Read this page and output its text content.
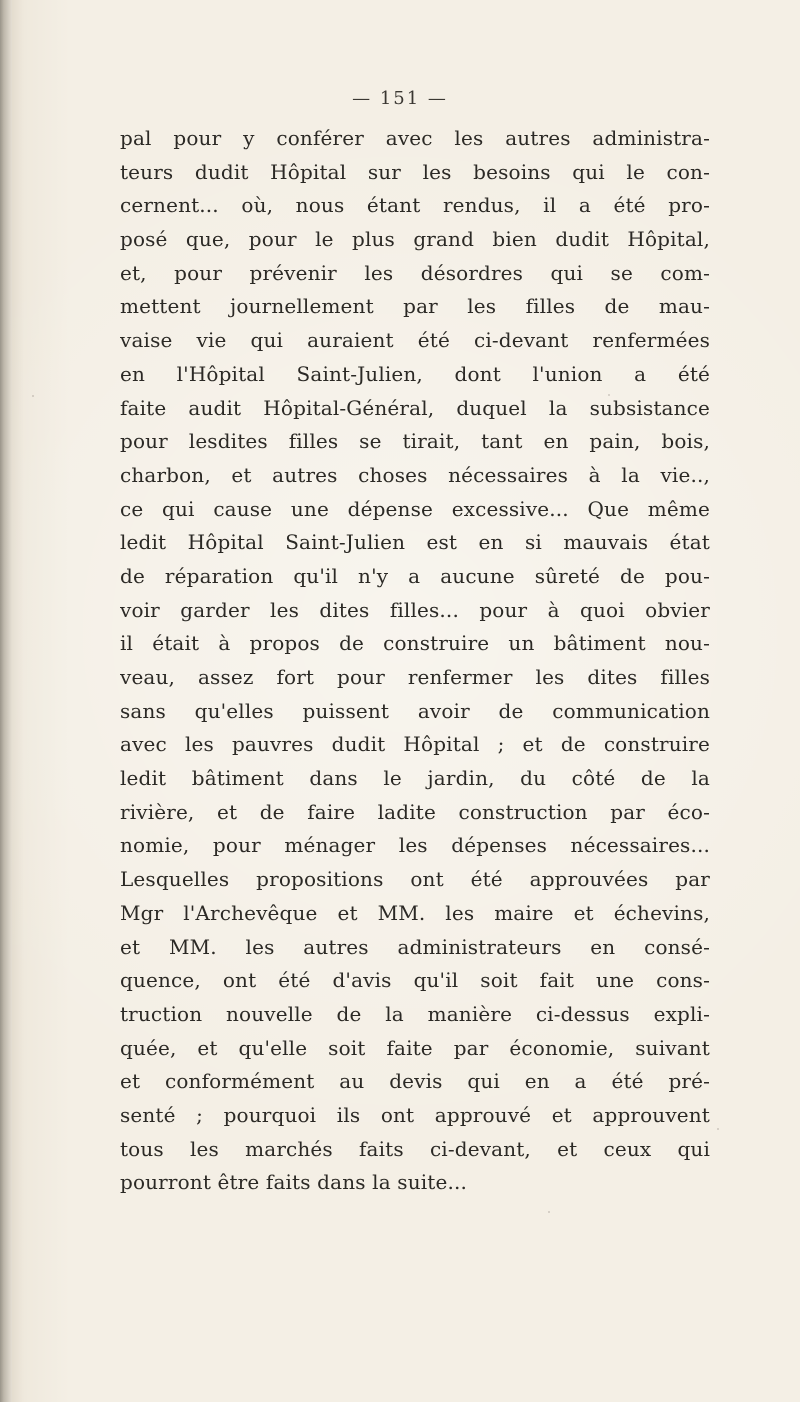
— 151 —
pal pour y conférer avec les autres administra-
teurs dudit Hôpital sur les besoins qui le con-
cernent... où, nous étant rendus, il a été pro-
posé que, pour le plus grand bien dudit Hôpital,
et, pour prévenir les désordres qui se com-
mettent journellement par les filles de mau-
vaise vie qui auraient été ci-devant renfermées
en l'Hôpital Saint-Julien, dont l'union a été
faite audit Hôpital-Général, duquel la subsistance
pour lesdites filles se tirait, tant en pain, bois,
charbon, et autres choses nécessaires à la vie..,
ce qui cause une dépense excessive... Que même
ledit Hôpital Saint-Julien est en si mauvais état
de réparation qu'il n'y a aucune sûreté de pou-
voir garder les dites filles... pour à quoi obvier
il était à propos de construire un bâtiment nou-
veau, assez fort pour renfermer les dites filles
sans qu'elles puissent avoir de communication
avec les pauvres dudit Hôpital ; et de construire
ledit bâtiment dans le jardin, du côté de la
rivière, et de faire ladite construction par éco-
nomie, pour ménager les dépenses nécessaires...
Lesquelles propositions ont été approuvées par
Mgr l'Archevêque et MM. les maire et échevins,
et MM. les autres administrateurs en consé-
quence, ont été d'avis qu'il soit fait une cons-
truction nouvelle de la manière ci-dessus expli-
quée, et qu'elle soit faite par économie, suivant
et conformément au devis qui en a été pré-
senté ; pourquoi ils ont approuvé et approuvent
tous les marchés faits ci-devant, et ceux qui
pourront être faits dans la suite...
